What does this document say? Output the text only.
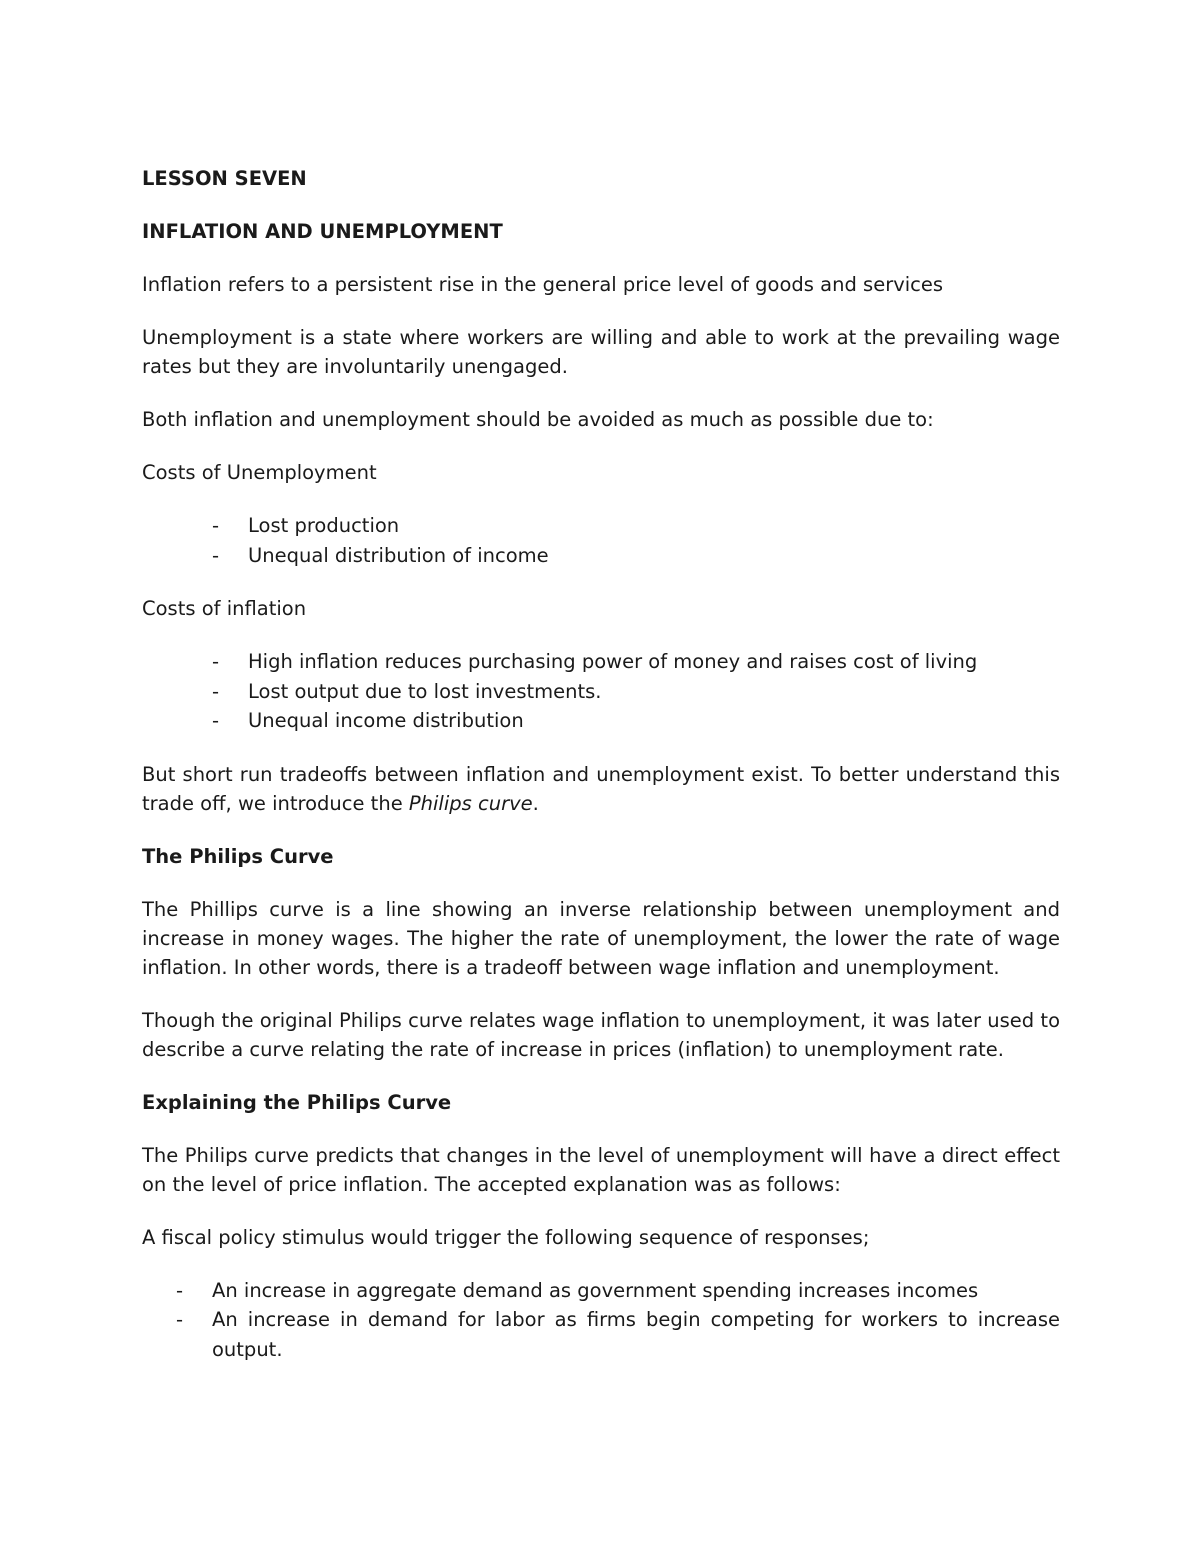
LESSON SEVEN

INFLATION AND UNEMPLOYMENT

Inflation refers to a persistent rise in the general price level of goods and services

Unemployment is a state where workers are willing and able to work at the prevailing wage rates but they are involuntarily unengaged.

Both inflation and unemployment should be avoided as much as possible due to:

Costs of Unemployment

- Lost production
- Unequal distribution of income

Costs of inflation

- High inflation reduces purchasing power of money and raises cost of living
- Lost output due to lost investments.
- Unequal income distribution

But short run tradeoffs between inflation and unemployment exist. To better understand this trade off, we introduce the Philips curve.

The Philips Curve

The Phillips curve is a line showing an inverse relationship between unemployment and increase in money wages. The higher the rate of unemployment, the lower the rate of wage inflation. In other words, there is a tradeoff between wage inflation and unemployment.

Though the original Philips curve relates wage inflation to unemployment, it was later used to describe a curve relating the rate of increase in prices (inflation) to unemployment rate.

Explaining the Philips Curve

The Philips curve predicts that changes in the level of unemployment will have a direct effect on the level of price inflation. The accepted explanation was as follows:

A fiscal policy stimulus would trigger the following sequence of responses;

- An increase in aggregate demand as government spending increases incomes
- An increase in demand for labor as firms begin competing for workers to increase output.
